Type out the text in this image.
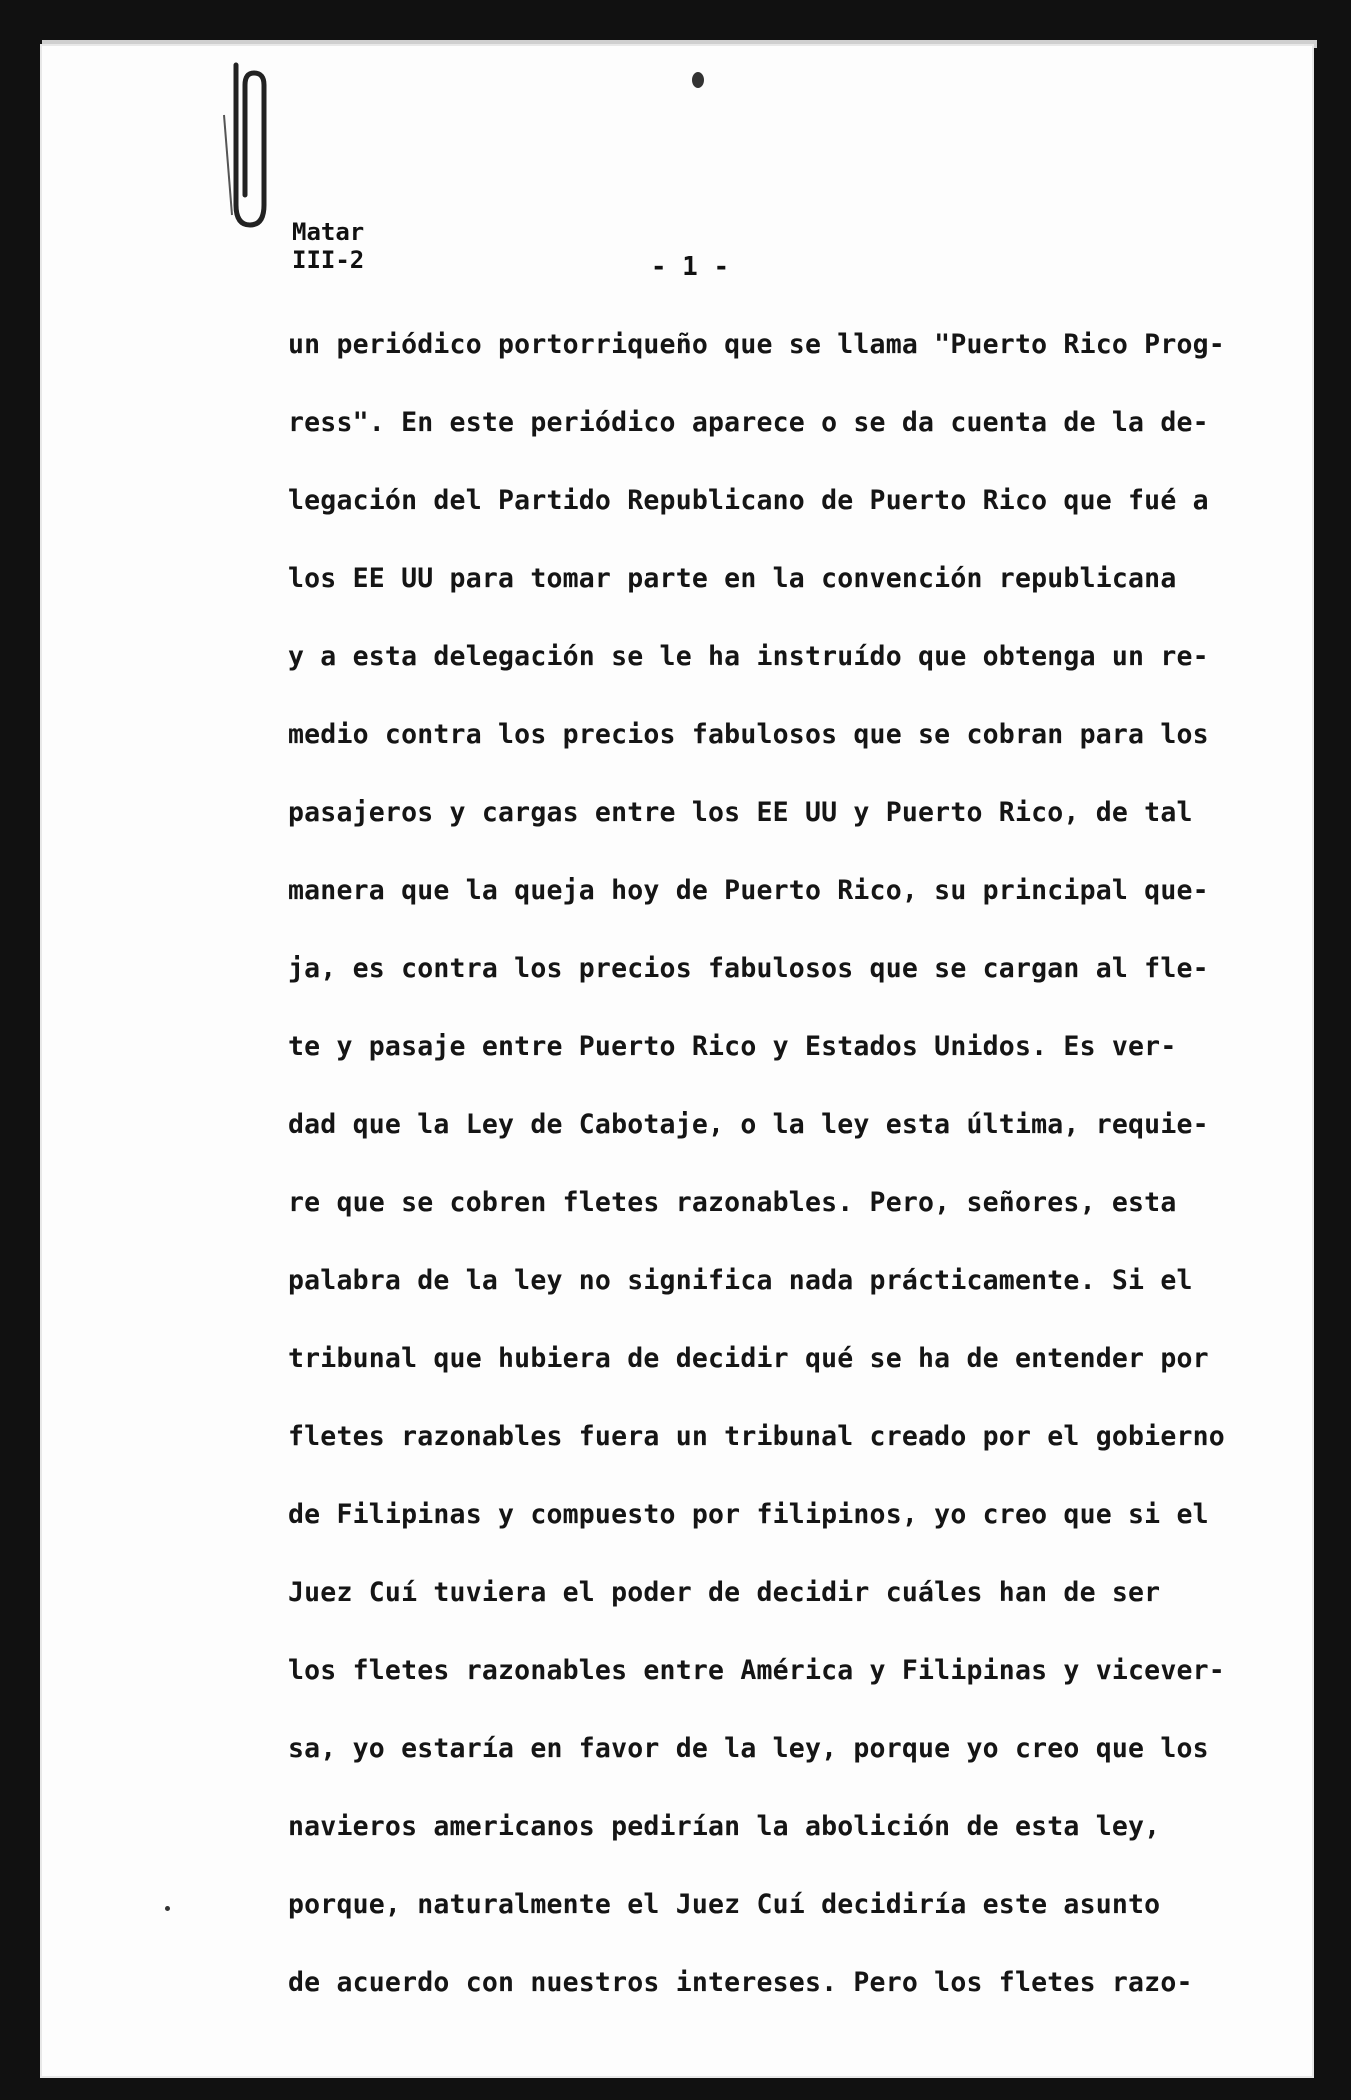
Matar
III-2	- 1 -
un periódico portorriqueño que se llama "Puerto Rico Prog-
ress". En este periódico aparece o se da cuenta de la de-
legación del Partido Republicano de Puerto Rico que fué a
los EE UU para tomar parte en la convención republicana
y a esta delegación se le ha instruído que obtenga un re-
medio contra los precios fabulosos que se cobran para los
pasajeros y cargas entre los EE UU y Puerto Rico, de tal
manera que la queja hoy de Puerto Rico, su principal que-
ja, es contra los precios fabulosos que se cargan al fle-
te y pasaje entre Puerto Rico y Estados Unidos. Es ver-
dad que la Ley de Cabotaje, o la ley esta última, requie-
re que se cobren fletes razonables. Pero, señores, esta
palabra de la ley no significa nada prácticamente. Si el
tribunal que hubiera de decidir qué se ha de entender por
fletes razonables fuera un tribunal creado por el gobierno
de Filipinas y compuesto por filipinos, yo creo que si el
Juez Cuí tuviera el poder de decidir cuáles han de ser
los fletes razonables entre América y Filipinas y vicever-
sa, yo estaría en favor de la ley, porque yo creo que los
navieros americanos pedirían la abolición de esta ley,
porque, naturalmente el Juez Cuí decidiría este asunto
de acuerdo con nuestros intereses. Pero los fletes razo-
